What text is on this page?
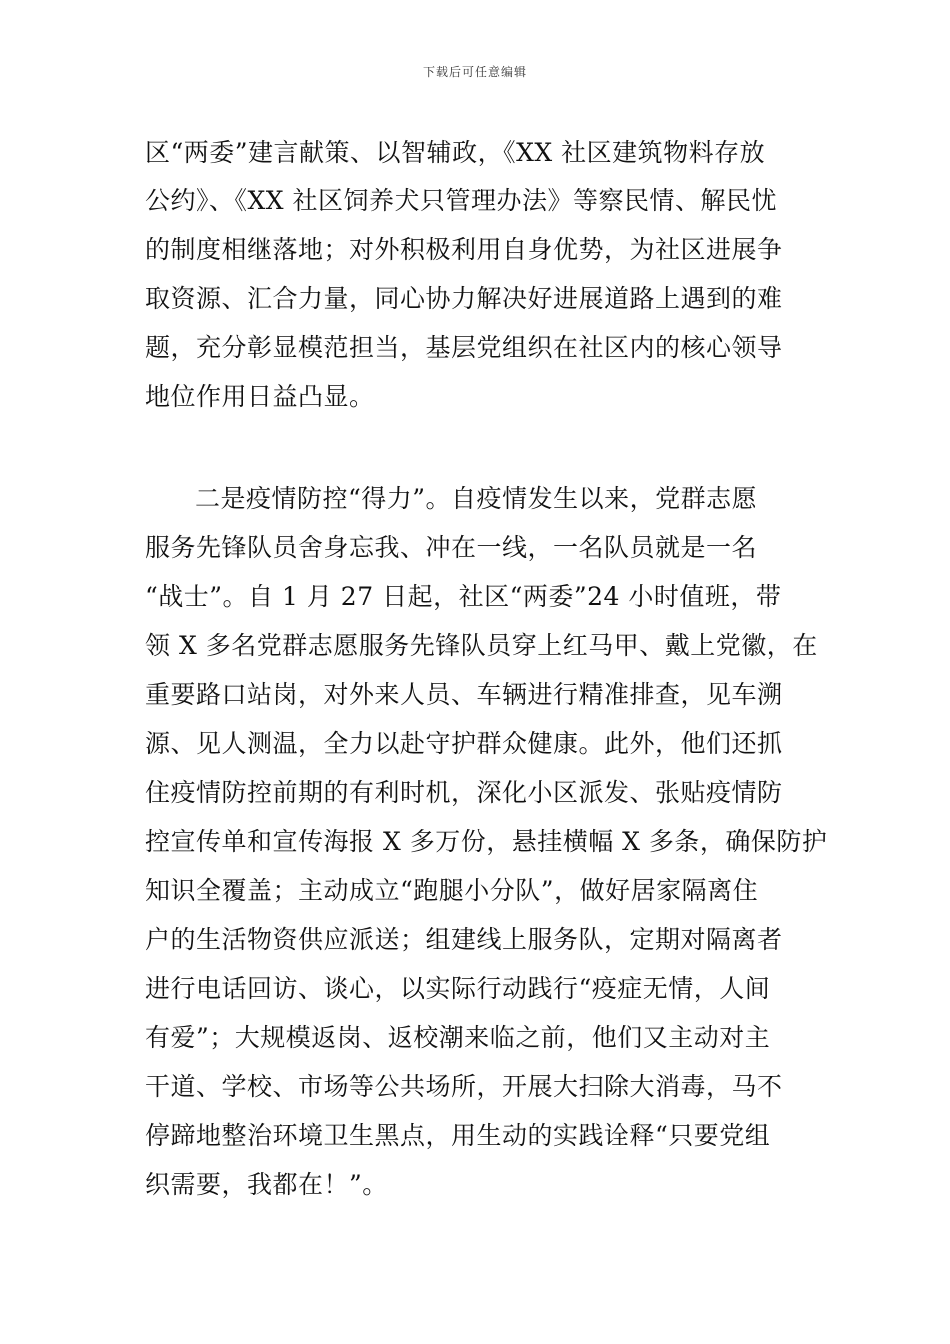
下载后可任意编辑
区“两委”建言献策、以智辅政，《XX 社区建筑物料存放
公约》、《XX 社区饲养犬只管理办法》等察民情、解民忧
的制度相继落地；对外积极利用自身优势，为社区进展争
取资源、汇合力量，同心协力解决好进展道路上遇到的难
题，充分彰显模范担当，基层党组织在社区内的核心领导
地位作用日益凸显。
二是疫情防控“得力”。自疫情发生以来，党群志愿
服务先锋队员舍身忘我、冲在一线，一名队员就是一名
“战士”。自 1 月 27 日起，社区“两委”24 小时值班，带
领 X 多名党群志愿服务先锋队员穿上红马甲、戴上党徽，在
重要路口站岗，对外来人员、车辆进行精准排查，见车溯
源、见人测温，全力以赴守护群众健康。此外，他们还抓
住疫情防控前期的有利时机，深化小区派发、张贴疫情防
控宣传单和宣传海报 X 多万份，悬挂横幅 X 多条，确保防护
知识全覆盖；主动成立“跑腿小分队”，做好居家隔离住
户的生活物资供应派送；组建线上服务队，定期对隔离者
进行电话回访、谈心，以实际行动践行“疫症无情，人间
有爱”；大规模返岗、返校潮来临之前，他们又主动对主
干道、学校、市场等公共场所，开展大扫除大消毒，马不
停蹄地整治环境卫生黑点，用生动的实践诠释“只要党组
织需要，我都在！”。
